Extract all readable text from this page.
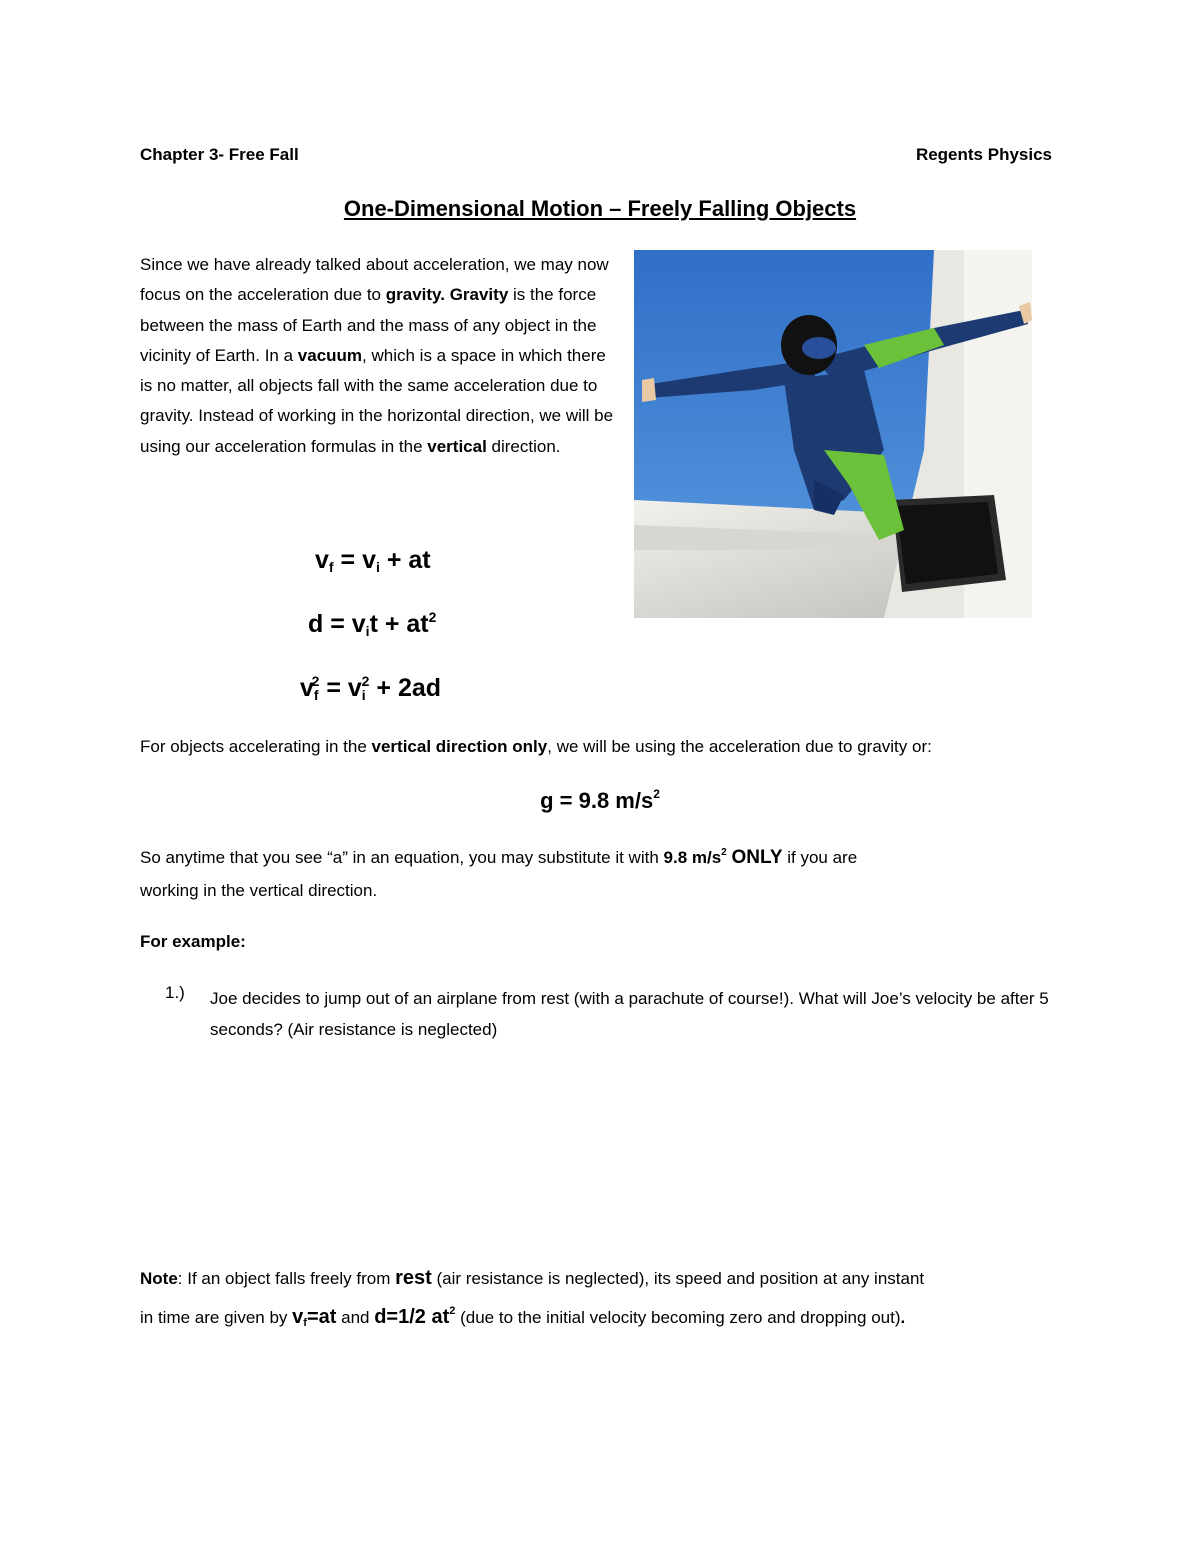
Chapter 3- Free Fall	Regents Physics
One-Dimensional Motion – Freely Falling Objects
Since we have already talked about acceleration, we may now focus on the acceleration due to gravity. Gravity is the force between the mass of Earth and the mass of any object in the vicinity of Earth. In a vacuum, which is a space in which there is no matter, all objects fall with the same acceleration due to gravity. Instead of working in the horizontal direction, we will be using our acceleration formulas in the vertical direction.
$v_f = v_i$ + at
$d = v_it + at^2$
$v_f^2 = v_i^2 + 2ad$
For objects accelerating in the vertical direction only, we will be using the acceleration due to gravity or:
g = 9.8 $m/s^2$
So anytime that you see “a” in an equation, you may substitute it with 9.8 $m/s^2$ ONLY if you are
working in the vertical direction.
For example:
1.) Joe decides to jump out of an airplane from rest (with a parachute of course!). What will Joe’s velocity be after 5 seconds? (Air resistance is neglected)
Note: If an object falls freely from rest (air resistance is neglected), its speed and position at any instant
in time are given by $v_f=at$ and d=1/2 $at^2$ (due to the initial velocity becoming zero and dropping out).
